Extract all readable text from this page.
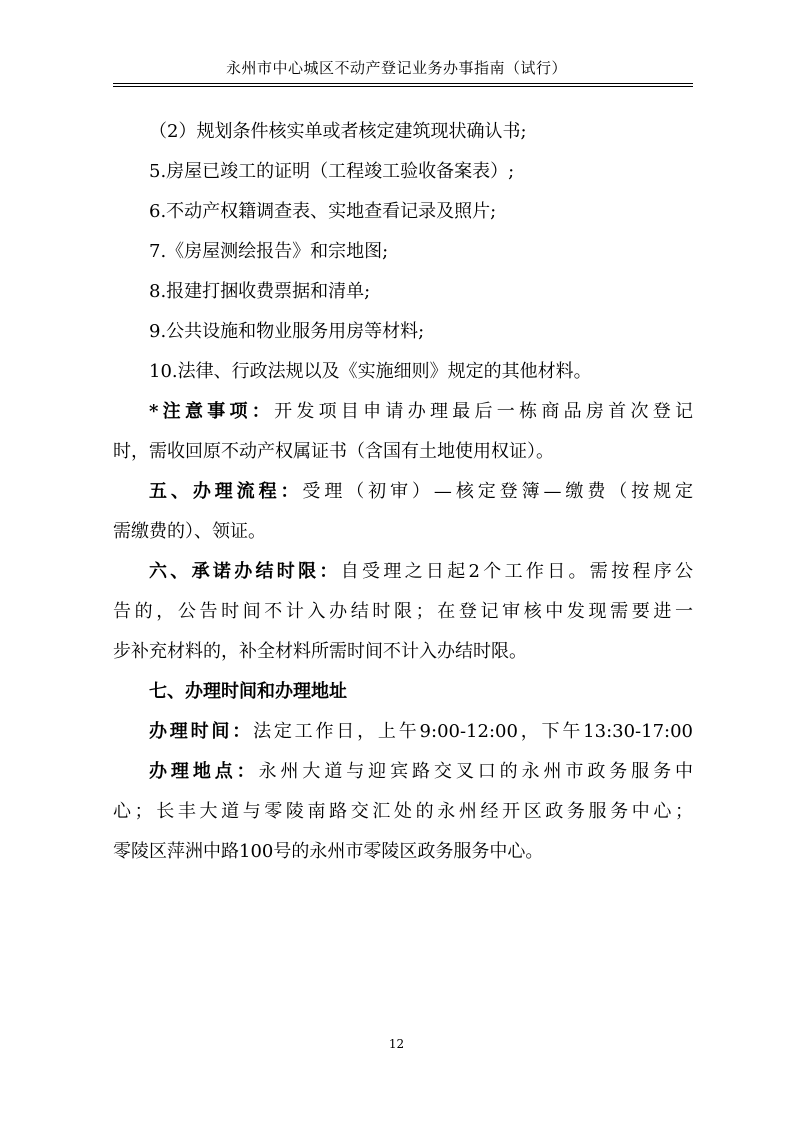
永州市中心城区不动产登记业务办事指南（试行）
（2）规划条件核实单或者核定建筑现状确认书;
5.房屋已竣工的证明（工程竣工验收备案表）;
6.不动产权籍调查表、实地查看记录及照片;
7.《房屋测绘报告》和宗地图;
8.报建打捆收费票据和清单;
9.公共设施和物业服务用房等材料;
10.法律、行政法规以及《实施细则》规定的其他材料。
*注意事项：开发项目申请办理最后一栋商品房首次登记
时，需收回原不动产权属证书（含国有土地使用权证）。
五、办理流程：受理（初审）—核定登簿—缴费（按规定
需缴费的）、领证。
六、承诺办结时限：自受理之日起2个工作日。需按程序公
告的，公告时间不计入办结时限；在登记审核中发现需要进一
步补充材料的，补全材料所需时间不计入办结时限。
七、办理时间和办理地址
办理时间：法定工作日，上午9:00-12:00，下午13:30-17:00
办理地点：永州大道与迎宾路交叉口的永州市政务服务中
心；长丰大道与零陵南路交汇处的永州经开区政务服务中心；
零陵区萍洲中路100号的永州市零陵区政务服务中心。
12
